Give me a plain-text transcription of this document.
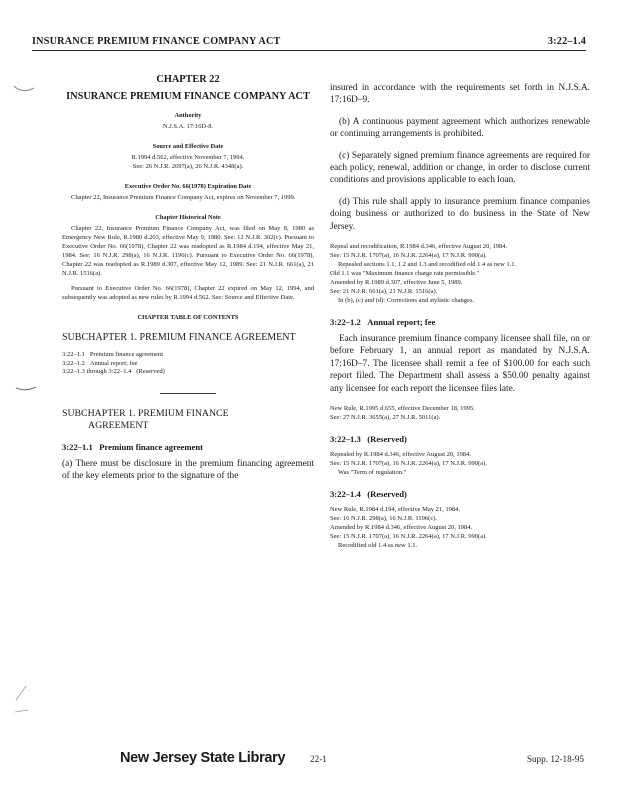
INSURANCE PREMIUM FINANCE COMPANY ACT	3:22–1.4
CHAPTER 22
INSURANCE PREMIUM FINANCE COMPANY ACT
Authority
N.J.S.A. 17:16D-8.
Source and Effective Date
R.1994 d.562, effective November 7, 1994.
See: 26 N.J.R. 2697(a), 26 N.J.R. 4348(a).
Executive Order No. 66(1978) Expiration Date
Chapter 22, Insurance Premium Finance Company Act, expires on November 7, 1999.
Chapter Historical Note
Chapter 22, Insurance Premium Finance Company Act, was filed on May 8, 1980 as Emergency New Rule, R.1980 d.203, effective May 9, 1980. See: 12 N.J.R. 302(c). Pursuant to Executive Order No. 66(1978), Chapter 22 was readopted as R.1984 d.194, effective May 21, 1984. See: 16 N.J.R. 298(a), 16 N.J.R. 1196(c). Pursuant to Executive Order No. 66(1978), Chapter 22 was readopted as R.1989 d.307, effective May 12, 1989. See: 21 N.J.R. 661(a), 21 N.J.R. 1516(a).
Pursuant to Executive Order No. 66(1978), Chapter 22 expired on May 12, 1994, and subsequently was adopted as new rules by R.1994 d.562. See: Source and Effective Date.
CHAPTER TABLE OF CONTENTS
SUBCHAPTER 1. PREMIUM FINANCE AGREEMENT
3:22–1.1 Premium finance agreement
3:22–1.2 Annual report; fee
3:22–1.3 through 3:22–1.4 (Reserved)
SUBCHAPTER 1. PREMIUM FINANCE
AGREEMENT
3:22–1.1 Premium finance agreement

(a) There must be disclosure in the premium financing agreement of the key elements prior to the signature of the

insured in accordance with the requirements set forth in N.J.S.A. 17:16D–9.

(b) A continuous payment agreement which authorizes renewable or continuing arrangements is prohibited.

(c) Separately signed premium finance agreements are required for each policy, renewal, addition or change, in order to disclose current conditions and provisions applicable to each loan.

(d) This rule shall apply to insurance premium finance companies doing business or authorized to do business in the State of New Jersey.

Repeal and recodification, R.1984 d.346, effective August 20, 1984.
See: 15 N.J.R. 1707(a), 16 N.J.R. 2264(a), 17 N.J.R. 990(a).
Repealed sections 1.1, 1.2 and 1.3 and recodified old 1.4 as new 1.1.
Old 1.1 was "Maximum finance charge rate permissible."
Amended by R.1989 d.307, effective June 5, 1989.
See: 21 N.J.R. 661(a), 21 N.J.R. 1516(a).
In (b), (c) and (d): Corrections and stylistic changes.
3:22–1.2 Annual report; fee

Each insurance premium finance company licensee shall file, on or before February 1, an annual report as mandated by N.J.S.A. 17:16D–7. The licensee shall remit a fee of $100.00 for each such report filed. The Department shall assess a $50.00 penalty against any licensee for each report the licensee files late.

New Rule, R.1995 d.655, effective December 18, 1995.
See: 27 N.J.R. 3655(a), 27 N.J.R. 5011(a).
3:22–1.3 (Reserved)
Repealed by R.1984 d.346, effective August 20, 1984.
See: 15 N.J.R. 1707(a), 16 N.J.R. 2264(a), 17 N.J.R. 990(a).
Was "Term of regulation."
3:22–1.4 (Reserved)
New Rule, R.1984 d.194, effective May 21, 1984.
See: 16 N.J.R. 298(a), 16 N.J.R. 1196(c).
Amended by R.1984 d.346, effective August 20, 1984.
See: 15 N.J.R. 1707(a), 16 N.J.R. 2264(a), 17 N.J.R. 990(a).
Recodified old 1.4 as new 1.1.
New Jersey State Library	22-1	Supp. 12-18-95
